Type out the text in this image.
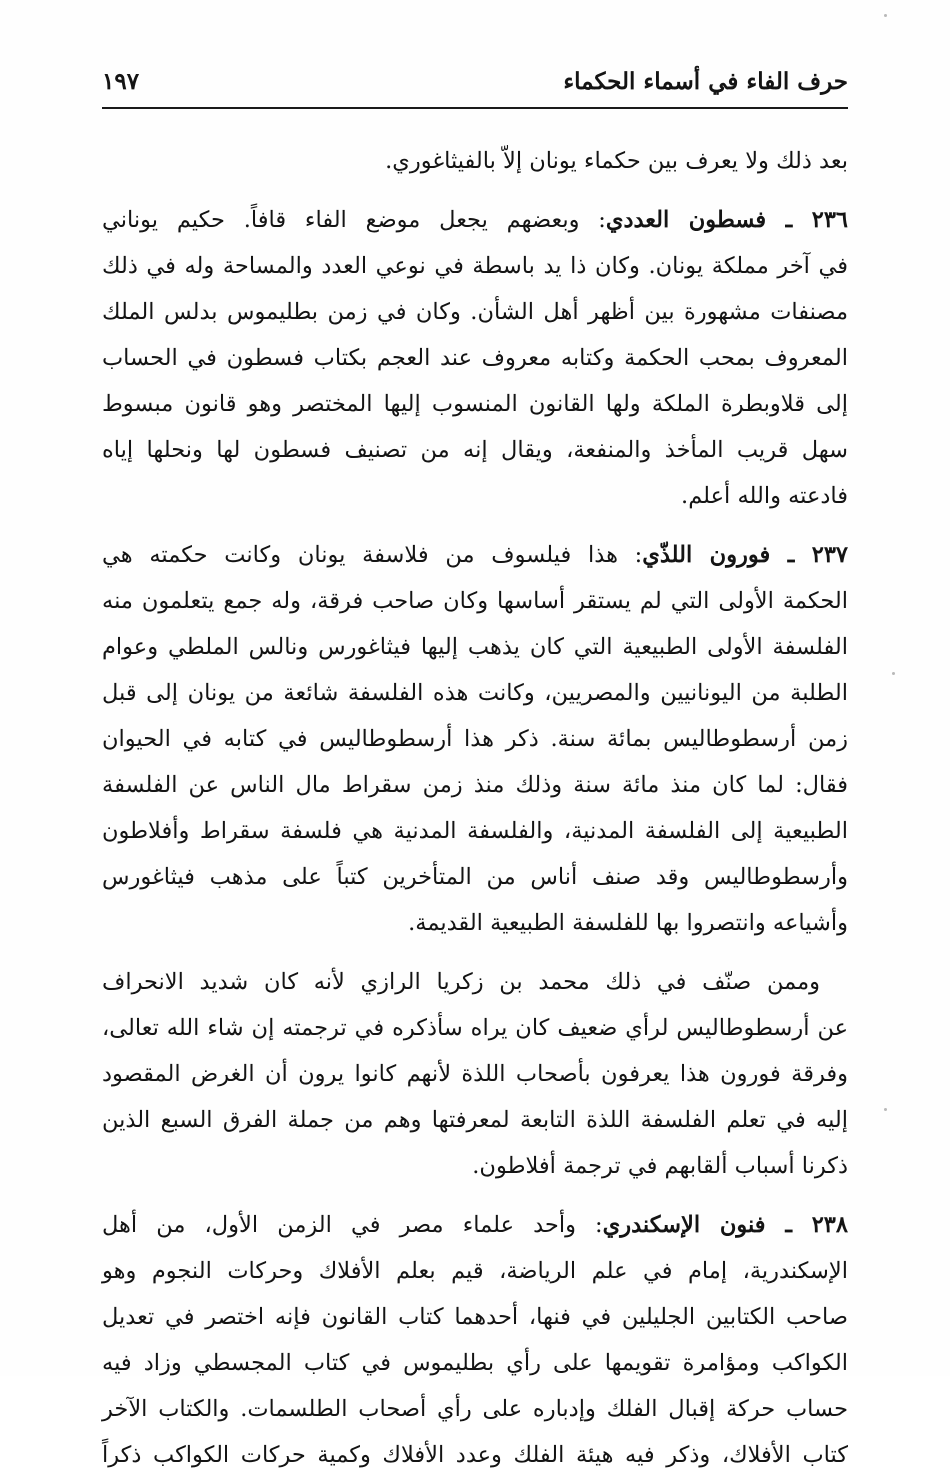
حرف الفاء في أسماء الحكماء
١٩٧
بعد ذلك ولا يعرف بين حكماء يونان إلاّ بالفيثاغوري.
٢٣٦ ـ فسطون العددي: وبعضهم يجعل موضع الفاء قافاً. حكيم يوناني
في آخر مملكة يونان. وكان ذا يد باسطة في نوعي العدد والمساحة وله في ذلك
مصنفات مشهورة بين أظهر أهل الشأن. وكان في زمن بطليموس بدلس الملك
المعروف بمحب الحكمة وكتابه معروف عند العجم بكتاب فسطون في الحساب
إلى قلاوبطرة الملكة ولها القانون المنسوب إليها المختصر وهو قانون مبسوط
سهل قريب المأخذ والمنفعة، ويقال إنه من تصنيف فسطون لها ونحلها إياه
فادعته والله أعلم.
٢٣٧ ـ فورون اللذّي: هذا فيلسوف من فلاسفة يونان وكانت حكمته هي
الحكمة الأولى التي لم يستقر أساسها وكان صاحب فرقة، وله جمع يتعلمون منه
الفلسفة الأولى الطبيعية التي كان يذهب إليها فيثاغورس ونالس الملطي وعوام
الطلبة من اليونانيين والمصريين، وكانت هذه الفلسفة شائعة من يونان إلى قبل
زمن أرسطوطاليس بمائة سنة. ذكر هذا أرسطوطاليس في كتابه في الحيوان
فقال: لما كان منذ مائة سنة وذلك منذ زمن سقراط مال الناس عن الفلسفة
الطبيعية إلى الفلسفة المدنية، والفلسفة المدنية هي فلسفة سقراط وأفلاطون
وأرسطوطاليس وقد صنف أناس من المتأخرين كتباً على مذهب فيثاغورس
وأشياعه وانتصروا بها للفلسفة الطبيعية القديمة.
وممن صنّف في ذلك محمد بن زكريا الرازي لأنه كان شديد الانحراف
عن أرسطوطاليس لرأي ضعيف كان يراه سأذكره في ترجمته إن شاء الله تعالى،
وفرقة فورون هذا يعرفون بأصحاب اللذة لأنهم كانوا يرون أن الغرض المقصود
إليه في تعلم الفلسفة اللذة التابعة لمعرفتها وهم من جملة الفرق السبع الذين
ذكرنا أسباب ألقابهم في ترجمة أفلاطون.
٢٣٨ ـ فنون الإسكندري: وأحد علماء مصر في الزمن الأول، من أهل
الإسكندرية، إمام في علم الرياضة، قيم بعلم الأفلاك وحركات النجوم وهو
صاحب الكتابين الجليلين في فنها، أحدهما كتاب القانون فإنه اختصر في تعديل
الكواكب ومؤامرة تقويمها على رأي بطليموس في كتاب المجسطي وزاد فيه
حساب حركة إقبال الفلك وإدباره على رأي أصحاب الطلسمات. والكتاب الآخر
كتاب الأفلاك، وذكر فيه هيئة الفلك وعدد الأفلاك وكمية حركات الكواكب ذكراً
